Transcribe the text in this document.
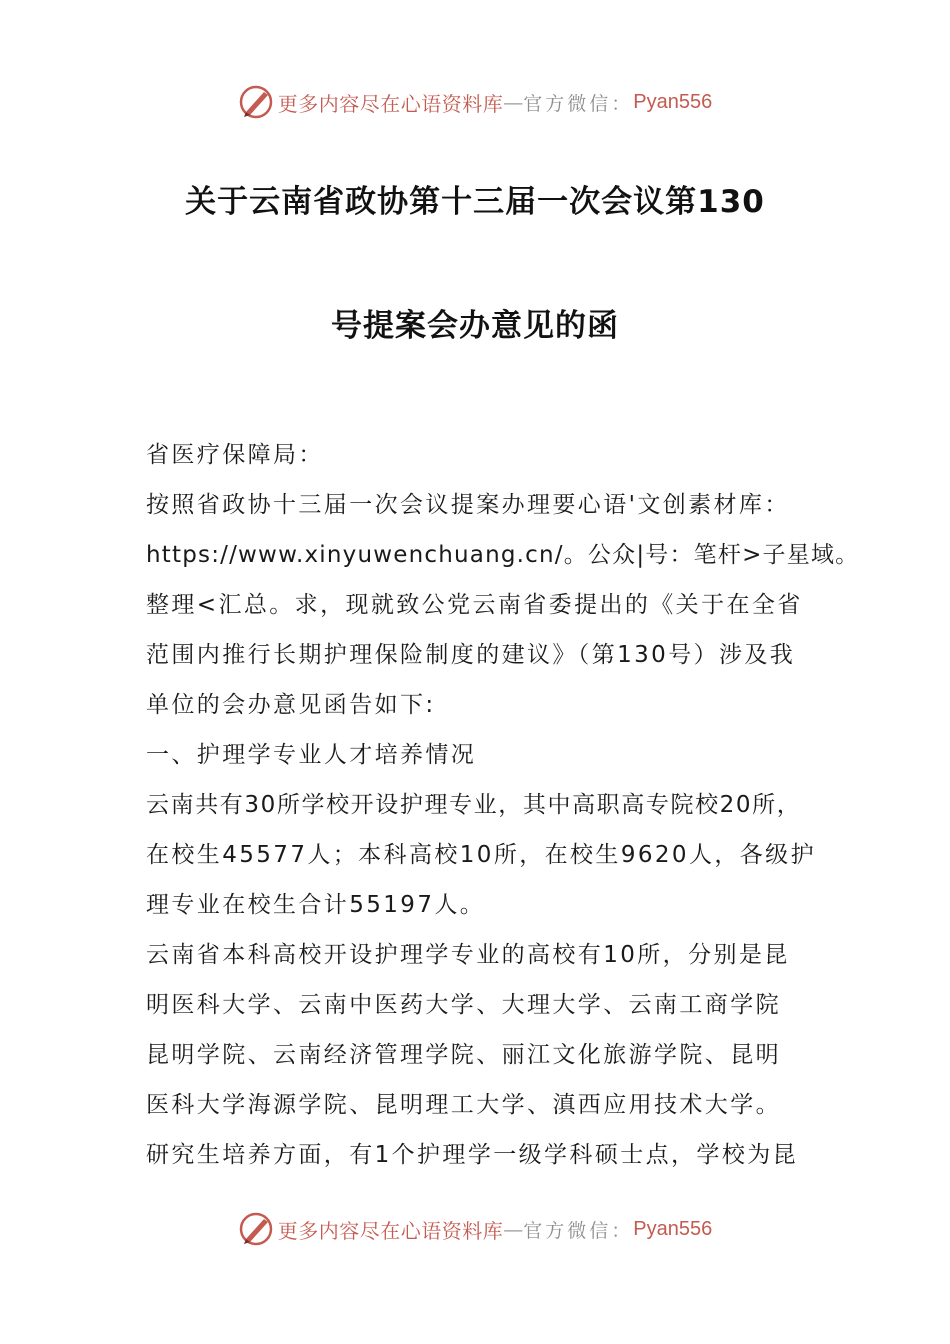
更多内容尽在心语资料库 — 官方微信： Pyan556
关于云南省政协第十三届一次会议第130
号提案会办意见的函
省医疗保障局：
按照省政协十三届一次会议提案办理要心语'文创素材库：
https://www.xinyuwenchuang.cn/。公众|号：笔杆>子星域。
整理<汇总。求，现就致公党云南省委提出的《关于在全省
范围内推行长期护理保险制度的建议》（第130号）涉及我
单位的会办意见函告如下:
一、护理学专业人才培养情况
云南共有30所学校开设护理专业，其中高职高专院校20所，
在校生45577人；本科高校10所，在校生9620人，各级护
理专业在校生合计55197人。
云南省本科高校开设护理学专业的高校有10所，分别是昆
明医科大学、云南中医药大学、大理大学、云南工商学院
昆明学院、云南经济管理学院、丽江文化旅游学院、昆明
医科大学海源学院、昆明理工大学、滇西应用技术大学。
研究生培养方面，有1个护理学一级学科硕士点，学校为昆
更多内容尽在心语资料库 — 官方微信： Pyan556
